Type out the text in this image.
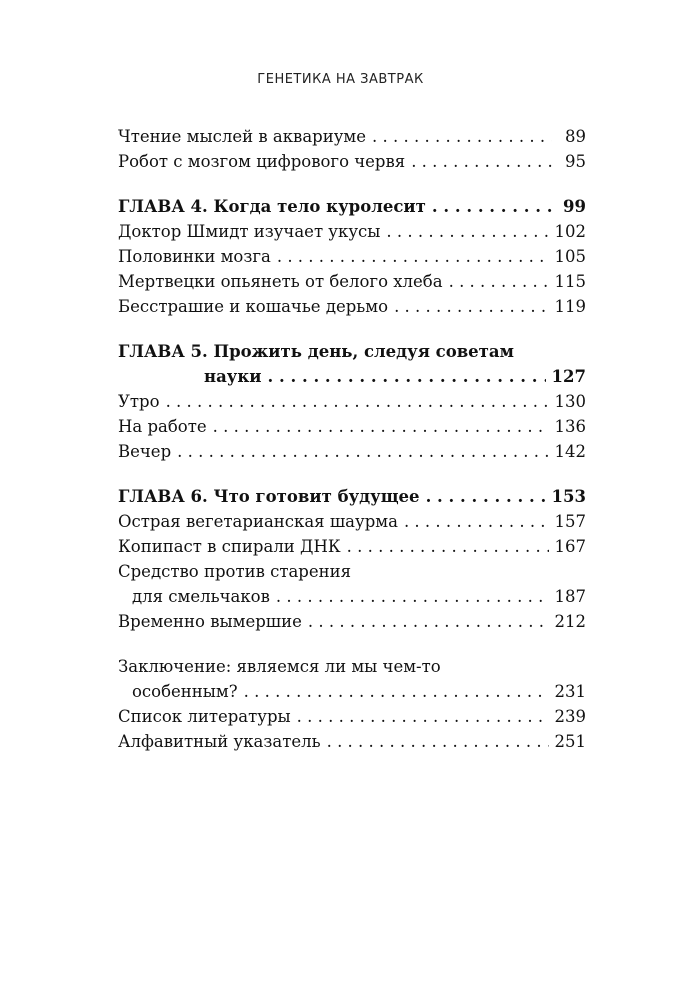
ГЕНЕТИКА НА ЗАВТРАК
Чтение мыслей в аквариуме . . .	89
Робот с мозгом цифрового червя . . .	95
ГЛАВА 4. Когда тело куролесит . . .	99
Доктор Шмидт изучает укусы . . .	102
Половинки мозга . . .	105
Мертвецки опьянеть от белого хлеба . . .	115
Бесстрашие и кошачье дерьмо . . .	119
ГЛАВА 5. Прожить день, следуя советам
науки . . .	127
Утро . . .	130
На работе . . .	136
Вечер . . .	142
ГЛАВА 6. Что готовит будущее . . .	153
Острая вегетарианская шаурма . . .	157
Копипаст в спирали ДНК . . .	167
Средство против старения
для смельчаков . . .	187
Временно вымершие . . .	212
Заключение: являемся ли мы чем-то
особенным? . . .	231
Список литературы . . .	239
Алфавитный указатель . . .	251
